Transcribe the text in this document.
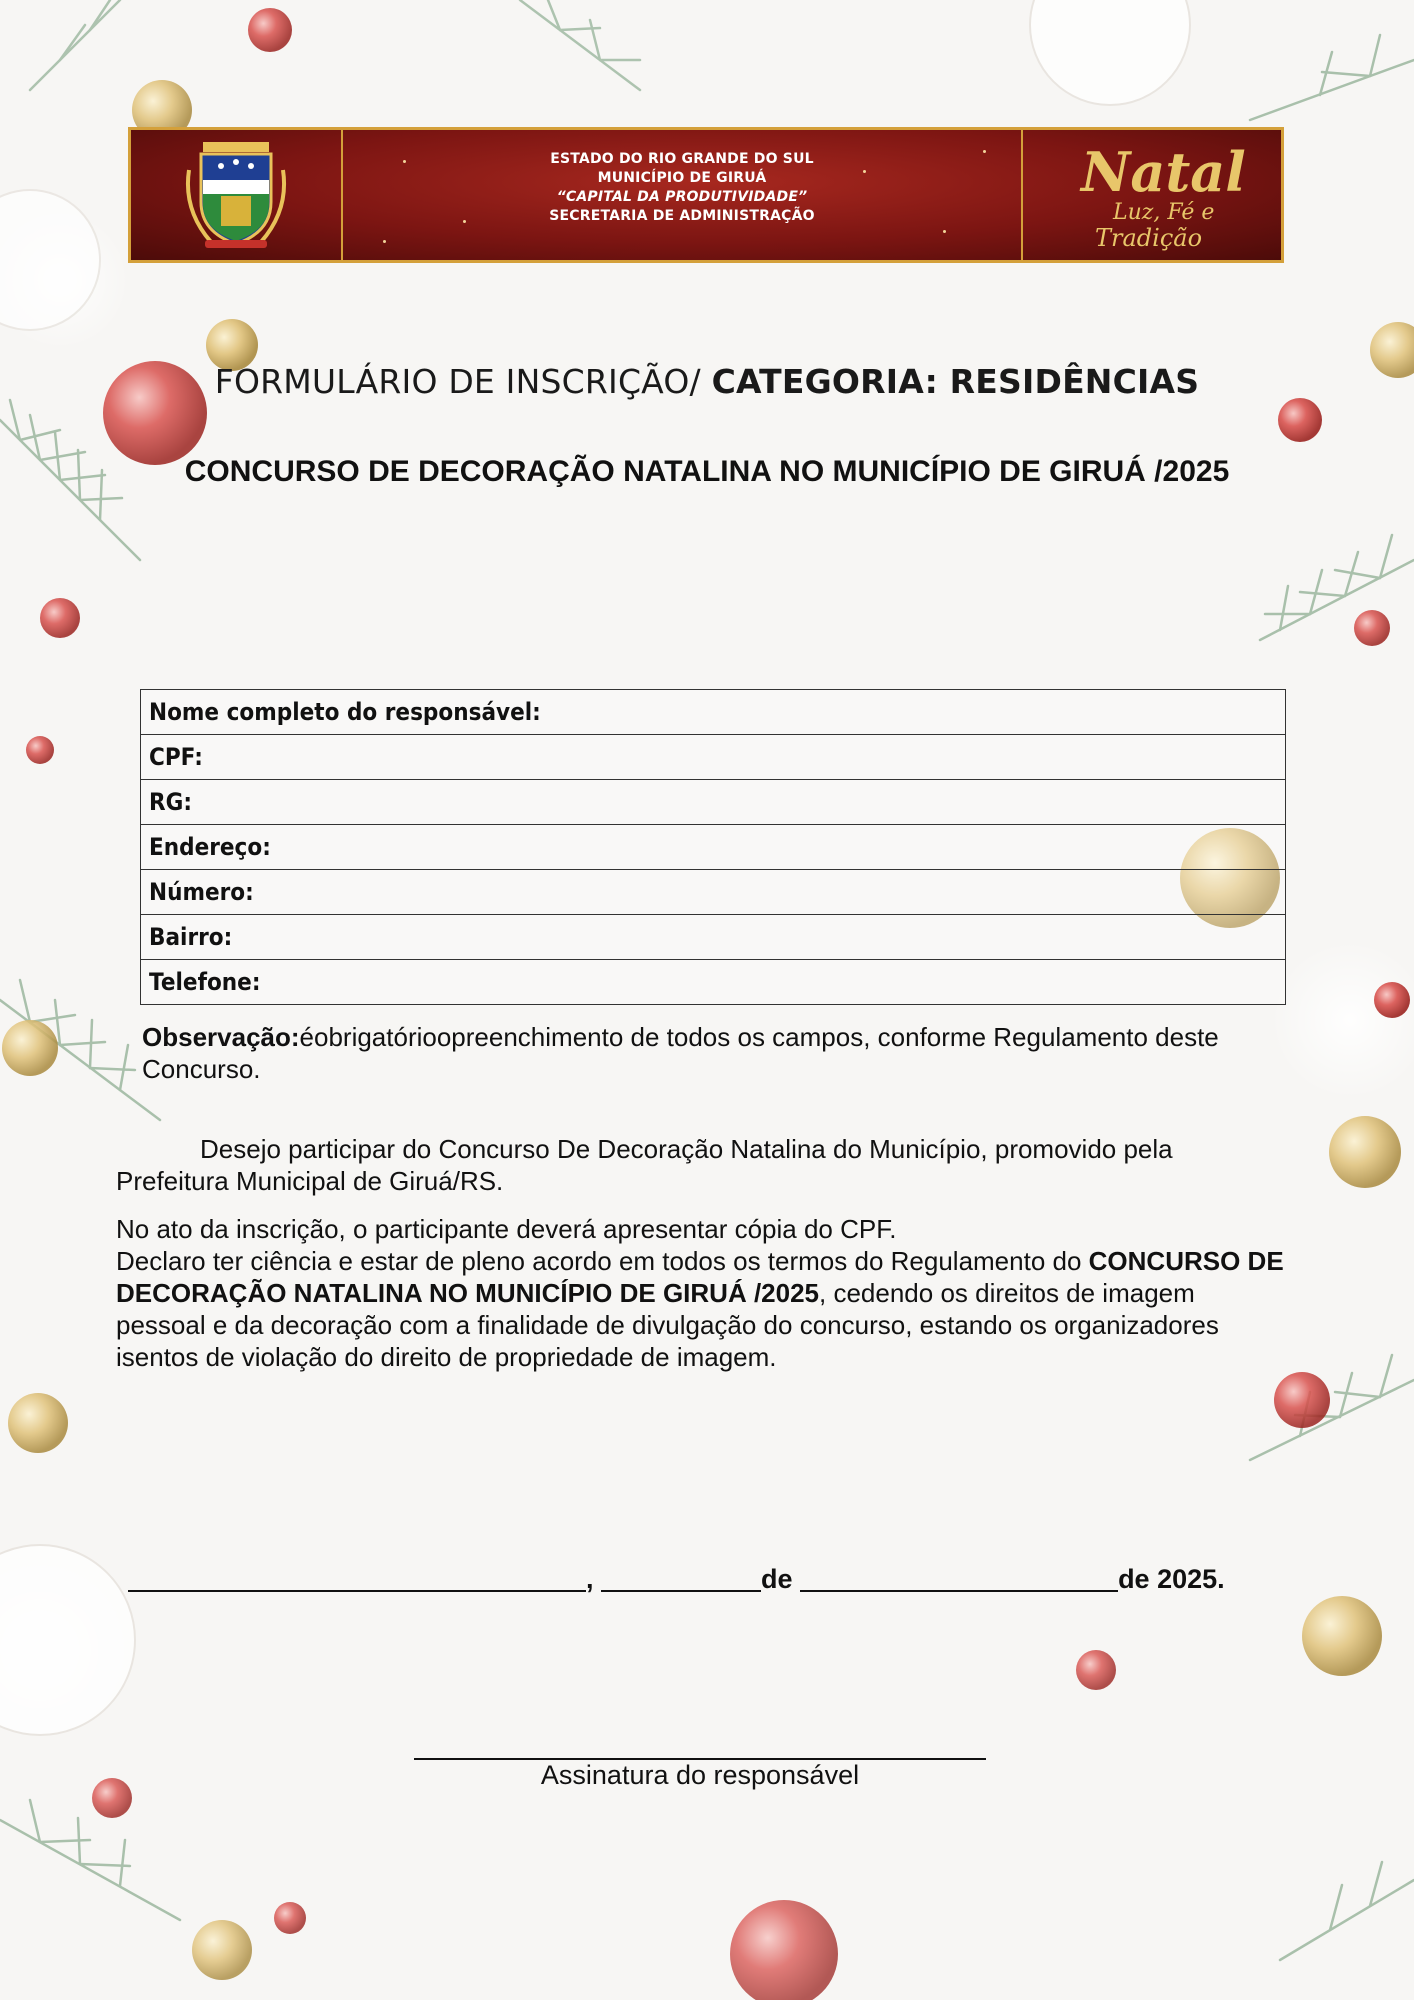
ESTADO DO RIO GRANDE DO SUL
MUNICÍPIO DE GIRUÁ
“CAPITAL DA PRODUTIVIDADE”
SECRETARIA DE ADMINISTRAÇÃO
Natal
Luz, Fé e
Tradição
FORMULÁRIO DE INSCRIÇÃO/ CATEGORIA: RESIDÊNCIAS
CONCURSO DE DECORAÇÃO NATALINA NO MUNICÍPIO DE GIRUÁ /2025
Nome completo do responsável:
CPF:
RG:
Endereço:
Número:
Bairro:
Telefone:
Observação:éobrigatórioopreenchimento de todos os campos, conforme Regulamento deste Concurso.
Desejo participar do Concurso De Decoração Natalina do Município, promovido pela Prefeitura Municipal de Giruá/RS.
No ato da inscrição, o participante deverá apresentar cópia do CPF.
Declaro ter ciência e estar de pleno acordo em todos os termos do Regulamento do CONCURSO DE DECORAÇÃO NATALINA NO MUNICÍPIO DE GIRUÁ /2025, cedendo os direitos de imagem pessoal e da decoração com a finalidade de divulgação do concurso, estando os organizadores isentos de violação do direito de propriedade de imagem.
,	de	de 2025.
Assinatura do responsável
